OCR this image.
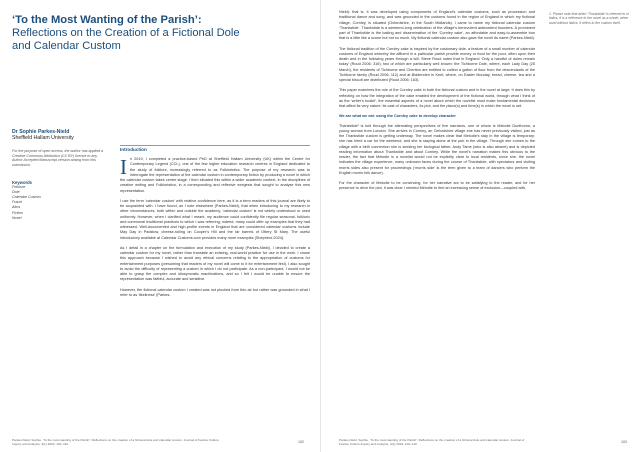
‘To the Most Wanting of the Parish’:
Reflections on the Creation of a Fictional Dole and Calendar Custom
Dr Sophie Parkes-Nield
Sheffield Hallam University
For the purpose of open access, the author has applied a Creative Commons Attribution (CC BY) licence to any Author Accepted Manuscript version arising from this submission.
Keywords
Folklore
Dole
Calendar Custom
Fraud
Alms
Fiction
Novel
Introduction

In 2019, I completed a practice-based PhD at Sheffield Hallam University (UK) within the Centre for Contemporary Legend (CCL), one of the few higher education research centres in England dedicated to the study of folklore, increasingly referred to as Folkloristics. The purpose of my research was to interrogate the representation of the calendar custom in contemporary fiction by producing a novel in which the calendar custom takes centre stage. I then situated this within a wider academic context, in the disciplines of creative writing and Folkloristics, in a corresponding and reflexive exegesis that sought to analyse this new representation.

I use the term ‘calendar custom’ with relative confidence here, as it is a term readers of this journal are likely to be acquainted with. I have found, as I note elsewhere (Parkes-Nield), that when introducing to my research in other circumstances, both within and outside the academy, ‘calendar custom’ is not widely understood or used uniformly. However, when I clarified what I meant, my audience could confidently file regular seasonal, folkloric and communal traditional practices to which I was referring; indeed, many could offer up examples that they had witnessed. Well-documented and high-profile events in England that are considered calendar customs include May Day in Padstow, cheese-rolling on Cooper’s Hill and the tar barrels of Ottery St Mary. The useful introductory available at Calendar Customs.com provides many more examples (Shepherd 2024).

As I detail in a chapter on the formulation and execution of my study (Parkes-Nield), I decided to create a calendar custom for my novel, rather than translate an existing, real-world practice for use in the work. I chose this approach because I wished to avoid any ethical concerns relating to the appropriation of customs for entertainment purposes (presuming that readers of my novel will come to it for entertainment first). I also sought to avoid the difficulty of representing a custom in which I do not participate. As a non-participant, I would not be able to grasp the complex and idiosyncratic machinations, and so I felt I would be unable to ensure the representation was faithful, accurate and sensitive.

However, the fictional calendar custom I created was not plucked from thin air but rather was grounded in what I refer to as ‘likeliness’ (Parkes-

Parkes-Nield, Sophie. ‘To the most wanting of the Parish’: Reflections on the creation of a fictional dole and calendar custom. Journal of Festive Culture Inquiry and Analysis, 4(1) 2024: 102–119.	102

Nield): that is, it was developed using components of England’s calendar customs, such as procession and traditional dance and song, and was grounded in the customs found in the region of England in which my fictional village, Cornley, is situated (Oxfordshire, in the South Midlands). I came to name my fictional calendar custom ‘Thankstide’. Thankstide is a weekend-long celebration of the village’s benevolent antecedent founders. A prominent part of Thankstide is the baking and dissemination of the ‘Cornley cake’, an affordable and easy-to-assemble bun that is a little like a scone but not so much. My fictional calendar custom also gave the novel its name (Parkes-Nield).

The fictional tradition of the Cornley cake is inspired by the customary dole, a feature of a small number of calendar customs of England whereby the affluent in a particular parish provide money or food for the poor, often upon their death and in the following years through a will. Steve Roud notes that in England ‘Only a handful of doles remain today’ (Roud 2006: 316), two of which are particularly well known: the Tichborne Dole, where, each Lady Day (25 March), the residents of Tichborne and Cheriton are entitled to collect a gallon of flour from the descendants of the Tichborne family (Roud 2006: 112) and at Biddenden in Kent, where, on Easter Monday, bread, cheese, tea and a special biscuit are distributed (Roud 2006: 163).

This paper examines the role of the Cornley cake in both the fictional custom and in the novel at large. It does this by reflecting on how the integration of the cake enabled the development of the fictional world, through what I think of as the ‘writer’s toolkit’, the essential aspects of a novel about which the novelist must make fundamental decisions that affect its very nature: its cast of characters, its plot, and the place(s) and time(s) in which the novel is set.

We are what we eat: using the Cornley cake to develop character

Thankstide¹ is told through the alternating perspectives of five narrators, one of whom is Melodie Dunthorne, a young woman from London. She arrives in Cornley, an Oxfordshire village she has never previously visited, just as the Thankstide custom is getting underway. The novel makes clear that Melodie’s stay in the village is temporary: she has hired a car for the weekend, and she is staying alone at the pub in the village. Through she comes to the village with a birth connection she is seeking her biological father, Andy Tame (who is also absent) and is depicted reading information about Thankstide and about Cornley. While the novel’s narration makes this obvious to the reader, the fact that Melodie is a novelist would not be explicitly clear to local residents, since she, the novel indicates the village experience, many unknown faces during the course of Thankstide, with spectators and visiting morris sides also present for proceedings (‘morris side’ is the term given to a team of dancers who perform the English morris folk dance).

For the character of Melodie to be convincing, for her narrative arc to be satisfying to the reader, and for her presence to drive the plot, it was clear I needed Melodie to feel an increasing sense of exclusion—coupled with,

1. Please note that when ‘Thankstide’ is referred to in italics, it is a reference to the novel as a whole; when used without italics, it refers to the custom itself.
Parkes-Nield, Sophie. ‘To the most wanting of the Parish’: Reflections on the creation of a fictional dole and calendar custom. Journal of Festive Culture Inquiry and Analysis, 4(1) 2024: 102–119.	103
